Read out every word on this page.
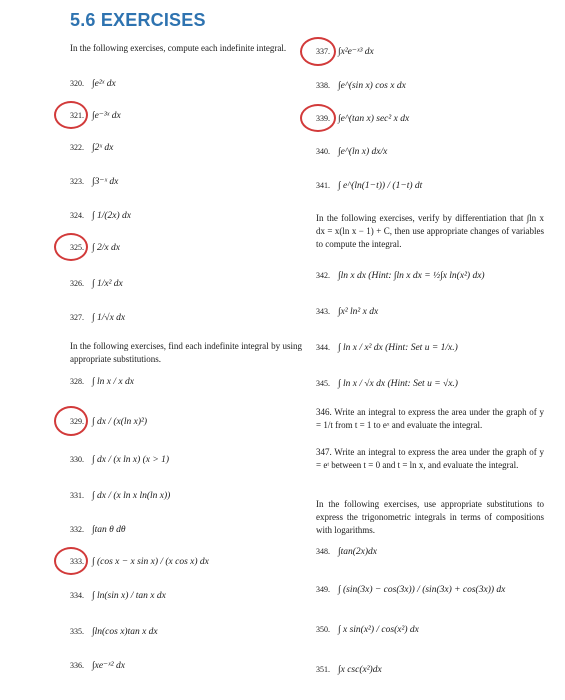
5.6 EXERCISES
In the following exercises, compute each indefinite integral.
320. ∫e²ˣ dx
321. ∫e⁻³ˣ dx
322. ∫2ˣ dx
323. ∫3⁻ˣ dx
324. ∫ 1/(2x) dx
325. ∫ 2/x dx
326. ∫ 1/x² dx
327. ∫ 1/√x dx
In the following exercises, find each indefinite integral by using appropriate substitutions.
328. ∫ ln x / x dx
329. ∫ dx / (x(ln x)²)
330. ∫ dx / (x ln x) (x > 1)
331. ∫ dx / (x ln x ln(ln x))
332. ∫tan θ dθ
333. ∫ (cos x − x sin x) / (x cos x) dx
334. ∫ ln(sin x) / tan x dx
335. ∫ln(cos x)tan x dx
336. ∫xe⁻ˣ² dx
337. ∫x²e⁻ˣ³ dx
338. ∫e^(sin x) cos x dx
339. ∫e^(tan x) sec² x dx
340. ∫e^(ln x) dx/x
341. ∫ e^(ln(1−t)) / (1−t) dt
In the following exercises, verify by differentiation that ∫ln x dx = x(ln x − 1) + C, then use appropriate changes of variables to compute the integral.
342. ∫ln x dx (Hint: ∫ln x dx = ½∫x ln(x²) dx)
343. ∫x² ln² x dx
344. ∫ ln x / x² dx (Hint: Set u = 1/x.)
345. ∫ ln x / √x dx (Hint: Set u = √x.)
346. Write an integral to express the area under the graph of y = 1/t from t = 1 to eˣ and evaluate the integral.
347. Write an integral to express the area under the graph of y = eᵗ between t = 0 and t = ln x, and evaluate the integral.
In the following exercises, use appropriate substitutions to express the trigonometric integrals in terms of compositions with logarithms.
348. ∫tan(2x)dx
349. ∫ (sin(3x) − cos(3x)) / (sin(3x) + cos(3x)) dx
350. ∫ x sin(x²) / cos(x²) dx
351. ∫x csc(x²)dx
